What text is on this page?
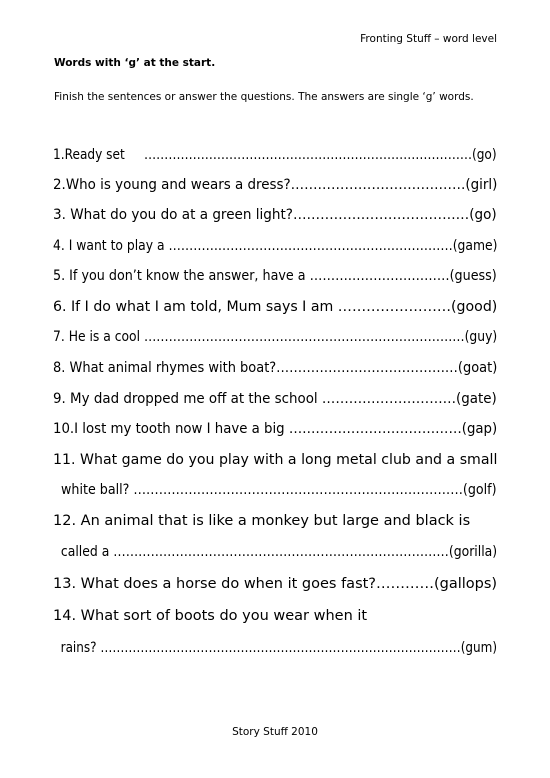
Fronting Stuff – word level
Words with ‘g’ at the start.
Finish the sentences or answer the questions. The answers are single ‘g’ words.
1.Ready set     ………………………………………………………………………(go)
2.Who is young and wears a dress?…………………………………(girl)
3. What do you do at a green light?…………………………………(go)
4. I want to play a ……………………………………………………………(game)
5. If you don’t know the answer, have a ……………………………(guess)
6. If I do what I am told, Mum says I am ……………………(good)
7. He is a cool ……………………………………………………………………(guy)
8. What animal rhymes with boat?……………………………………(goat)
9. My dad dropped me off at the school …………………………(gate)
10.I lost my tooth now I have a big …………………………………(gap)
11. What game do you play with a long metal club and a small
white ball? ……………………………………………………………………(golf)
12. An animal that is like a monkey but large and black is
called a ………………………………………………………………………(gorilla)
13. What does a horse do when it goes fast?…………(gallops)
14. What sort of boots do you wear when it
rains? ………………………………………………………………………………(gum)
Story Stuff 2010
